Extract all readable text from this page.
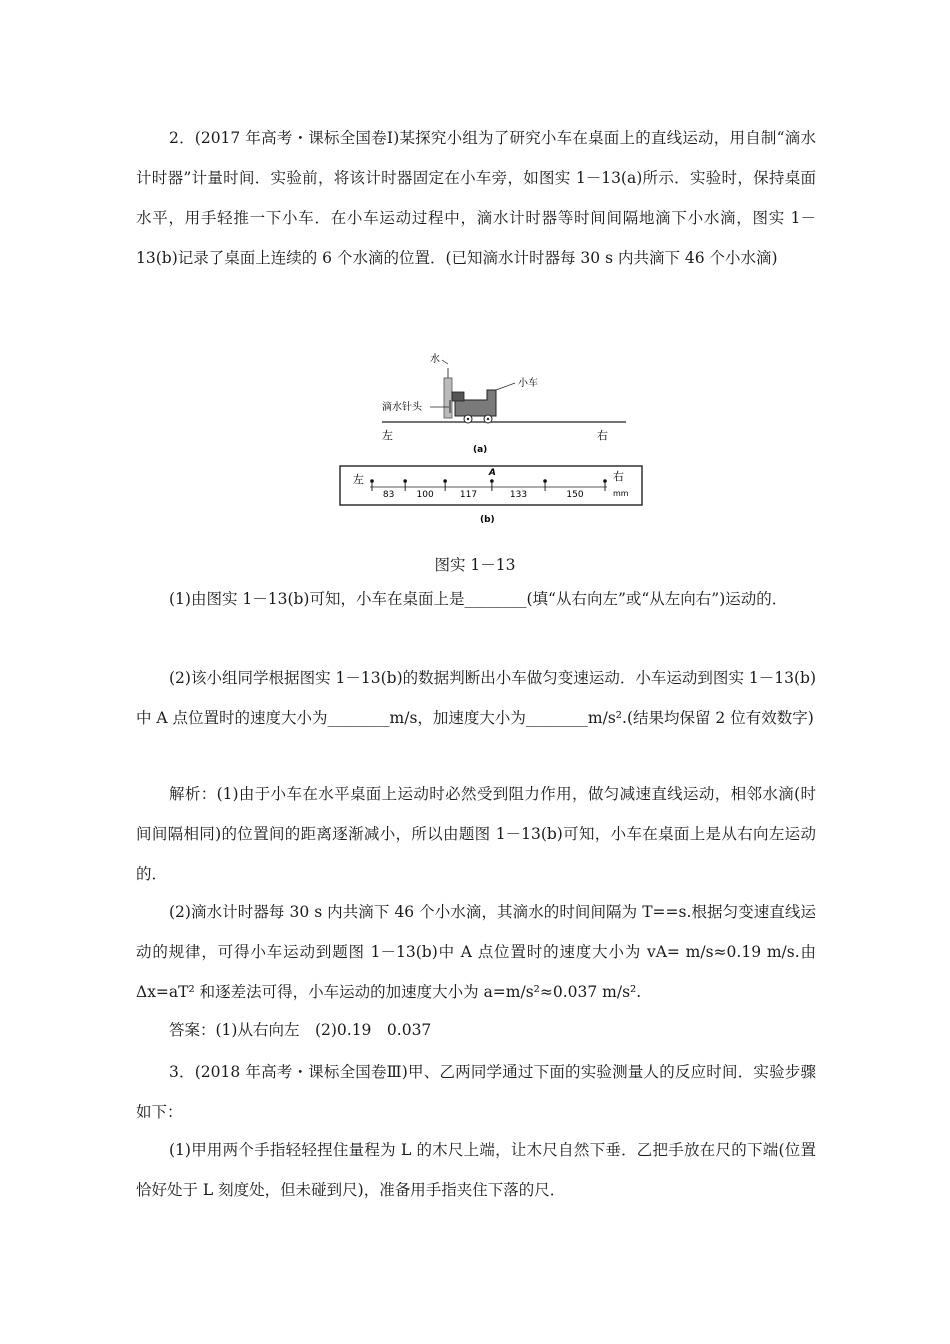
2．(2017 年高考・课标全国卷Ⅰ)某探究小组为了研究小车在桌面上的直线运动，用自制“滴水计时器”计量时间．实验前，将该计时器固定在小车旁，如图实 1－13(a)所示．实验时，保持桌面水平，用手轻推一下小车．在小车运动过程中，滴水计时器等时间间隔地滴下小水滴，图实 1－13(b)记录了桌面上连续的 6 个水滴的位置．(已知滴水计时器每 30 s 内共滴下 46 个小水滴)
水
小车
滴水针头
左	右
(a)
83 100	117	133	150
左	右
mm
A
(b)
图实 1－13
(1)由图实 1－13(b)可知，小车在桌面上是________(填“从右向左”或“从左向右”)运动的．
(2)该小组同学根据图实 1－13(b)的数据判断出小车做匀变速运动．小车运动到图实 1－13(b)中 A 点位置时的速度大小为________m/s，加速度大小为________m/s².(结果均保留 2 位有效数字)
解析：(1)由于小车在水平桌面上运动时必然受到阻力作用，做匀减速直线运动，相邻水滴(时间间隔相同)的位置间的距离逐渐减小，所以由题图 1－13(b)可知，小车在桌面上是从右向左运动的．
(2)滴水计时器每 30 s 内共滴下 46 个小水滴，其滴水的时间间隔为 T==s.根据匀变速直线运动的规律，可得小车运动到题图 1－13(b)中 A 点位置时的速度大小为 vA= m/s≈0.19 m/s.由 Δx=aT² 和逐差法可得，小车运动的加速度大小为 a=m/s²≈0.037 m/s².
答案：(1)从右向左　(2)0.19　0.037
3．(2018 年高考・课标全国卷Ⅲ)甲、乙两同学通过下面的实验测量人的反应时间．实验步骤如下：
(1)甲用两个手指轻轻捏住量程为 L 的木尺上端，让木尺自然下垂．乙把手放在尺的下端(位置恰好处于 L 刻度处，但未碰到尺)，准备用手指夹住下落的尺．
